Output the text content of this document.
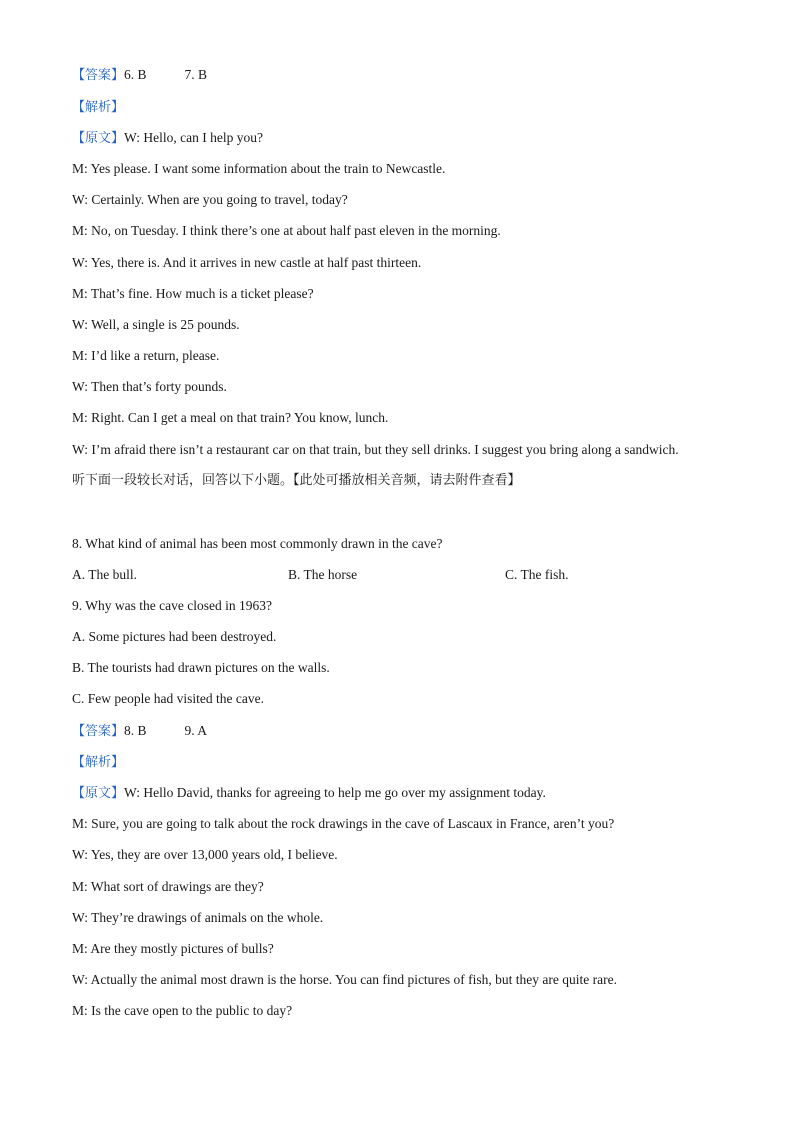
【答案】6. B	7. B
【解析】
【原文】W: Hello, can I help you?
M: Yes please. I want some information about the train to Newcastle.
W: Certainly. When are you going to travel, today?
M: No, on Tuesday. I think there’s one at about half past eleven in the morning.
W: Yes, there is. And it arrives in new castle at half past thirteen.
M: That’s fine. How much is a ticket please?
W: Well, a single is 25 pounds.
M: I’d like a return, please.
W: Then that’s forty pounds.
M: Right. Can I get a meal on that train? You know, lunch.
W: I’m afraid there isn’t a restaurant car on that train, but they sell drinks. I suggest you bring along a sandwich.
听下面一段较长对话，回答以下小题。【此处可播放相关音频，请去附件查看】
8. What kind of animal has been most commonly drawn in the cave?
A. The bull.	B. The horse	C. The fish.
9. Why was the cave closed in 1963?
A. Some pictures had been destroyed.
B. The tourists had drawn pictures on the walls.
C. Few people had visited the cave.
【答案】8. B	9. A
【解析】
【原文】W: Hello David, thanks for agreeing to help me go over my assignment today.
M: Sure, you are going to talk about the rock drawings in the cave of Lascaux in France, aren’t you?
W: Yes, they are over 13,000 years old, I believe.
M: What sort of drawings are they?
W: They’re drawings of animals on the whole.
M: Are they mostly pictures of bulls?
W: Actually the animal most drawn is the horse. You can find pictures of fish, but they are quite rare.
M: Is the cave open to the public to day?
